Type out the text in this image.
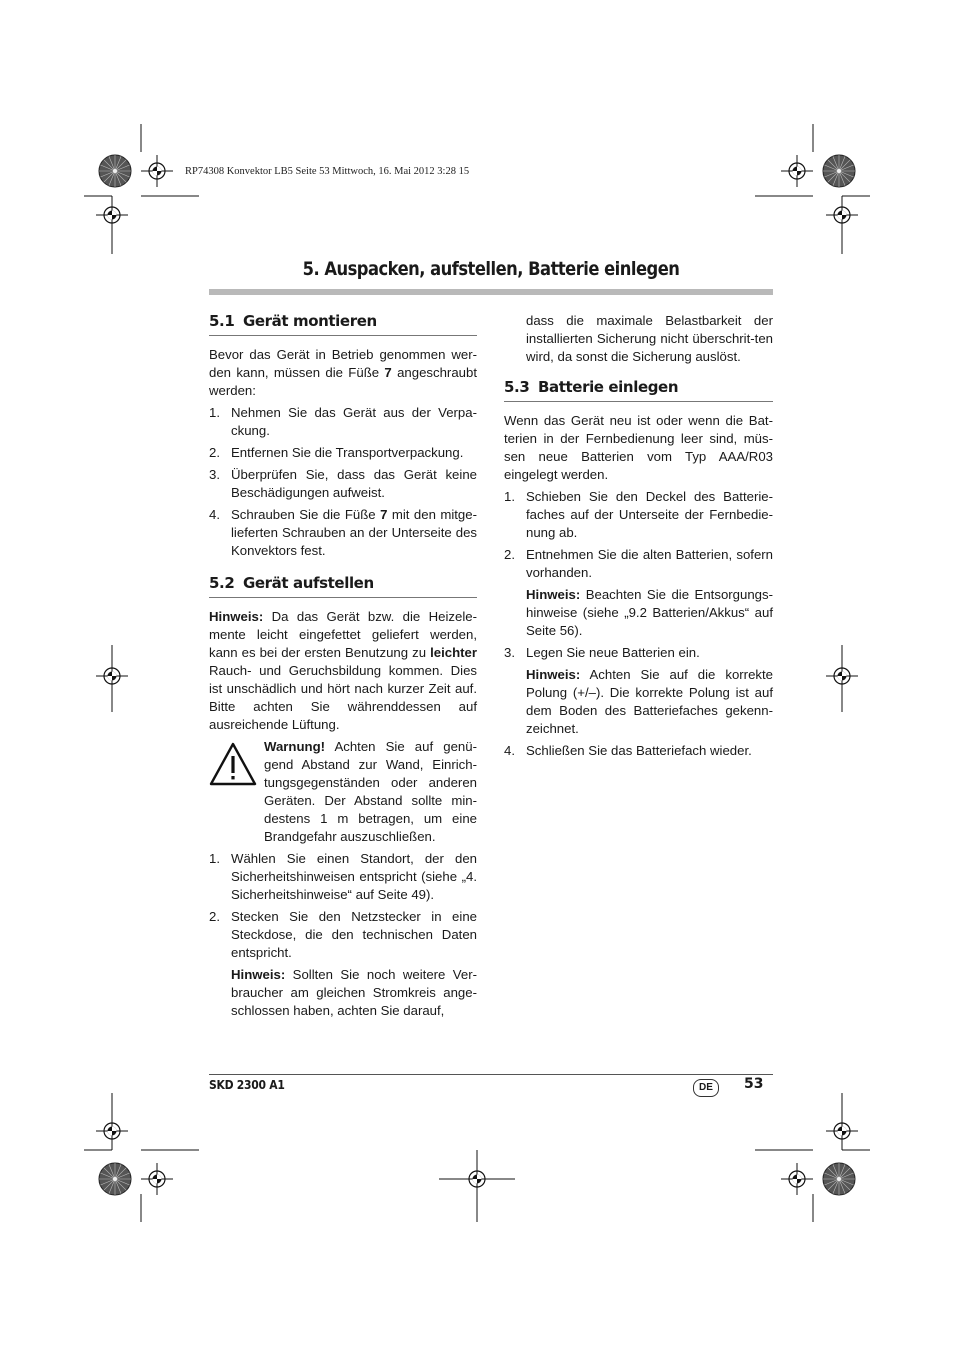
RP74308 Konvektor LB5 Seite 53 Mittwoch, 16. Mai 2012 3:28 15
5. Auspacken, aufstellen, Batterie einlegen
5.1 Gerät montieren

Bevor das Gerät in Betrieb genommen wer-den kann, müssen die Füße 7 angeschraubt werden:

1. Nehmen Sie das Gerät aus der Verpa-ckung.
2. Entfernen Sie die Transportverpackung.
3. Überprüfen Sie, dass das Gerät keine Beschädigungen aufweist.
4. Schrauben Sie die Füße 7 mit den mitge-lieferten Schrauben an der Unterseite des Konvektors fest.
5.2 Gerät aufstellen

Hinweis: Da das Gerät bzw. die Heizele-mente leicht eingefettet geliefert werden, kann es bei der ersten Benutzung zu leichter Rauch- und Geruchsbildung kommen. Dies ist unschädlich und hört nach kurzer Zeit auf. Bitte achten Sie währenddessen auf ausreichende Lüftung.

Warnung! Achten Sie auf genü-gend Abstand zur Wand, Einrich-tungsgegenständen oder anderen Geräten. Der Abstand sollte min-destens 1 m betragen, um eine Brandgefahr auszuschließen.
1. Wählen Sie einen Standort, der den Sicherheitshinweisen entspricht (siehe „4. Sicherheitshinweise“ auf Seite 49).
2. Stecken Sie den Netzstecker in eine Steckdose, die den technischen Daten entspricht.
Hinweis: Sollten Sie noch weitere Ver-braucher am gleichen Stromkreis ange-schlossen haben, achten Sie darauf,
dass die maximale Belastbarkeit der installierten Sicherung nicht überschrit-ten wird, da sonst die Sicherung auslöst.
5.3 Batterie einlegen

Wenn das Gerät neu ist oder wenn die Bat-terien in der Fernbedienung leer sind, müs-sen neue Batterien vom Typ AAA/R03 eingelegt werden.

1. Schieben Sie den Deckel des Batterie-faches auf der Unterseite der Fernbedie-nung ab.
2. Entnehmen Sie die alten Batterien, sofern vorhanden.
Hinweis: Beachten Sie die Entsorgungs-hinweise (siehe „9.2 Batterien/Akkus“ auf Seite 56).
3. Legen Sie neue Batterien ein.
Hinweis: Achten Sie auf die korrekte Polung (+/–). Die korrekte Polung ist auf dem Boden des Batteriefaches gekenn-zeichnet.
4. Schließen Sie das Batteriefach wieder.
SKD 2300 A1	DE	53
